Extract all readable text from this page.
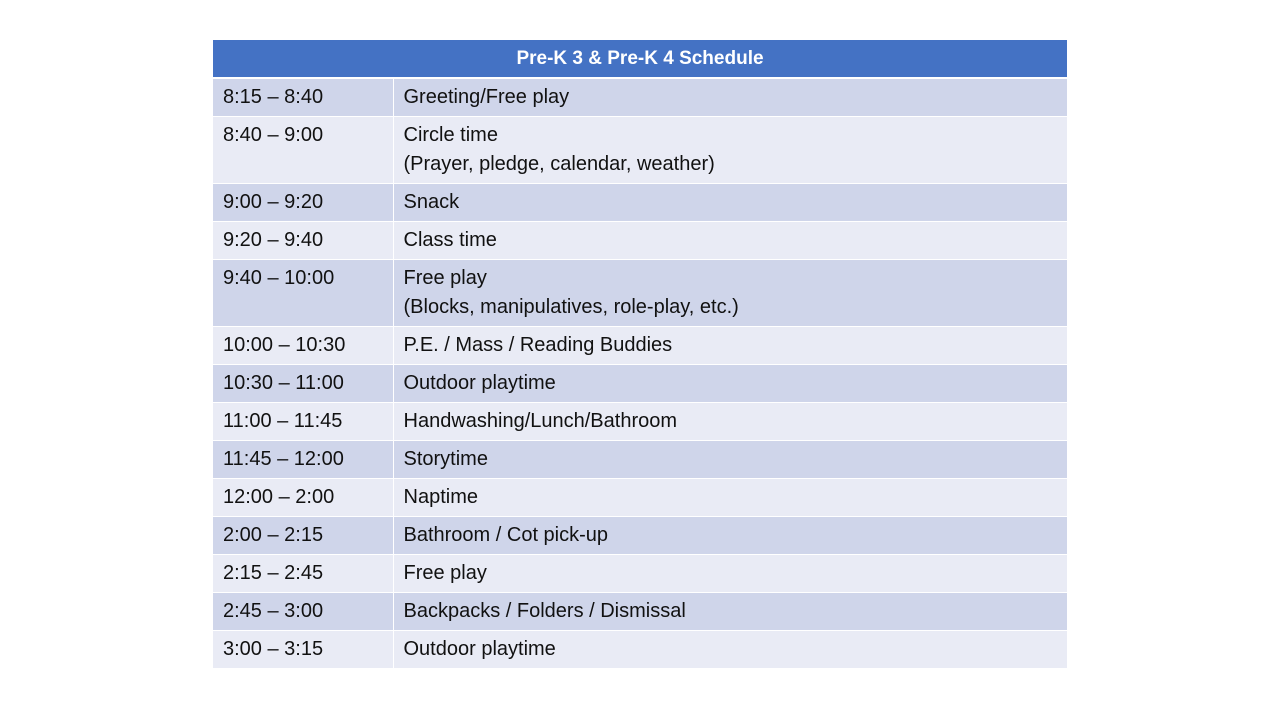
Pre-K 3 & Pre-K 4 Schedule	
8:15 – 8:40	Greeting/Free play

8:40 – 9:00	Circle time
(Prayer, pledge, calendar, weather)

9:00 – 9:20	Snack

9:20 – 9:40	Class time

9:40 – 10:00	Free play
(Blocks, manipulatives, role-play, etc.)

10:00 – 10:30	P.E. / Mass / Reading Buddies

10:30 – 11:00	Outdoor playtime

11:00 – 11:45	Handwashing/Lunch/Bathroom

11:45 – 12:00	Storytime

12:00 – 2:00	Naptime

2:00 – 2:15	Bathroom / Cot pick-up

2:15 – 2:45	Free play

2:45 – 3:00	Backpacks / Folders / Dismissal

3:00 – 3:15	Outdoor playtime
